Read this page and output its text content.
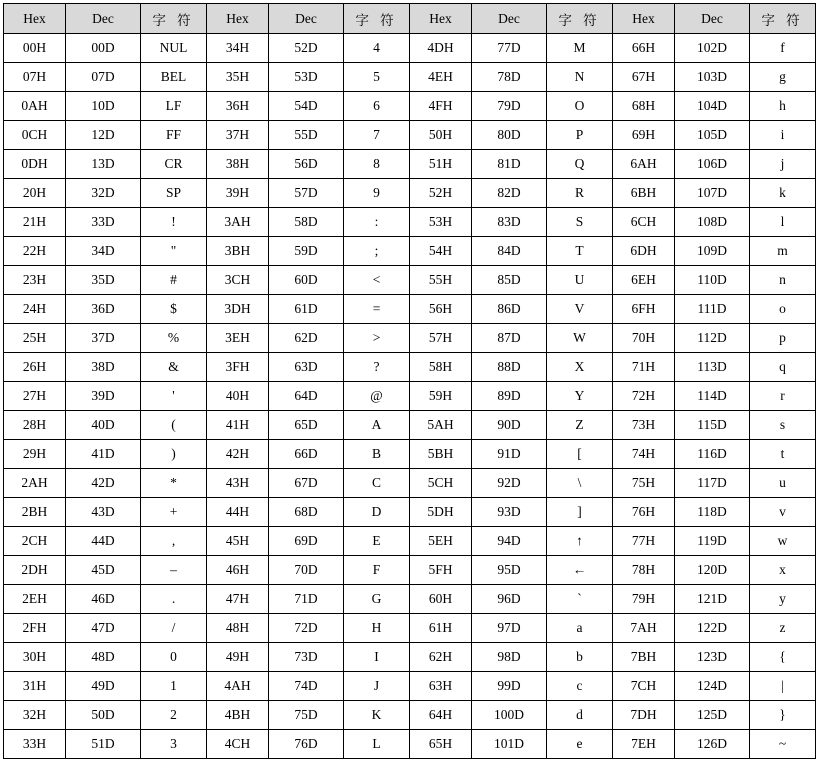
Hex	Dec	字 符	Hex	Dec	字 符	Hex	Dec	字 符	Hex	Dec	字 符
00H	00D	NUL	34H	52D	4	4DH	77D	M	66H	102D	f
07H	07D	BEL	35H	53D	5	4EH	78D	N	67H	103D	g
0AH	10D	LF	36H	54D	6	4FH	79D	O	68H	104D	h
0CH	12D	FF	37H	55D	7	50H	80D	P	69H	105D	i
0DH	13D	CR	38H	56D	8	51H	81D	Q	6AH	106D	j
20H	32D	SP	39H	57D	9	52H	82D	R	6BH	107D	k
21H	33D	!	3AH	58D	:	53H	83D	S	6CH	108D	l
22H	34D	"	3BH	59D	;	54H	84D	T	6DH	109D	m
23H	35D	#	3CH	60D	<	55H	85D	U	6EH	110D	n
24H	36D	$	3DH	61D	=	56H	86D	V	6FH	111D	o
25H	37D	%	3EH	62D	>	57H	87D	W	70H	112D	p
26H	38D	&	3FH	63D	?	58H	88D	X	71H	113D	q
27H	39D	'	40H	64D	@	59H	89D	Y	72H	114D	r
28H	40D	(	41H	65D	A	5AH	90D	Z	73H	115D	s
29H	41D	)	42H	66D	B	5BH	91D	[	74H	116D	t
2AH	42D	*	43H	67D	C	5CH	92D	\	75H	117D	u
2BH	43D	+	44H	68D	D	5DH	93D	]	76H	118D	v
2CH	44D	,	45H	69D	E	5EH	94D	↑	77H	119D	w
2DH	45D	–	46H	70D	F	5FH	95D	←	78H	120D	x
2EH	46D	.	47H	71D	G	60H	96D	`	79H	121D	y
2FH	47D	/	48H	72D	H	61H	97D	a	7AH	122D	z
30H	48D	0	49H	73D	I	62H	98D	b	7BH	123D	{
31H	49D	1	4AH	74D	J	63H	99D	c	7CH	124D	|
32H	50D	2	4BH	75D	K	64H	100D	d	7DH	125D	}
33H	51D	3	4CH	76D	L	65H	101D	e	7EH	126D	~
